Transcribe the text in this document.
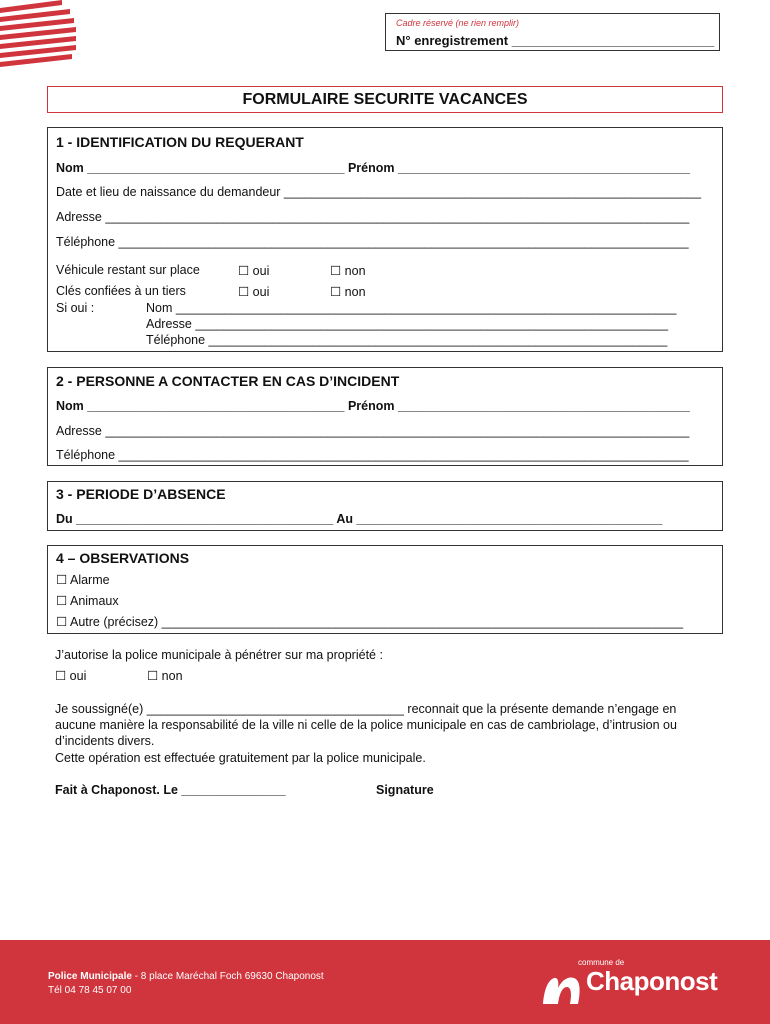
Cadre réservé (ne rien remplir)
N° enregistrement ____________________________
FORMULAIRE SECURITE VACANCES
1 - IDENTIFICATION DU REQUERANT
Nom _____________________________________ Prénom __________________________________________
Date et lieu de naissance du demandeur ____________________________________________________________
Adresse ____________________________________________________________________________________
Téléphone __________________________________________________________________________________
Véhicule restant sur place	☐ oui	☐ non
Clés confiées à un tiers	☐ oui	☐ non
Si oui :	Nom ________________________________________________________________________
Adresse ____________________________________________________________________
Téléphone __________________________________________________________________
2 - PERSONNE A CONTACTER EN CAS D’INCIDENT
Nom _____________________________________ Prénom __________________________________________
Adresse ____________________________________________________________________________________
Téléphone __________________________________________________________________________________
3 - PERIODE D’ABSENCE
Du _____________________________________ Au ____________________________________________
4 – OBSERVATIONS
☐ Alarme
☐ Animaux
☐ Autre (précisez) ___________________________________________________________________________
J’autorise la police municipale à pénétrer sur ma propriété :
☐ oui	☐ non
Je soussigné(e) _____________________________________ reconnait que la présente demande n’engage en
aucune manière la responsabilité de la ville ni celle de la police municipale en cas de cambriolage, d’intrusion ou
d’incidents divers.
Cette opération est effectuée gratuitement par la police municipale.
Fait à Chaponost. Le _______________	Signature
Police Municipale - 8 place Maréchal Foch 69630 Chaponost
Tél 04 78 45 07 00
commune de
Chaponost
